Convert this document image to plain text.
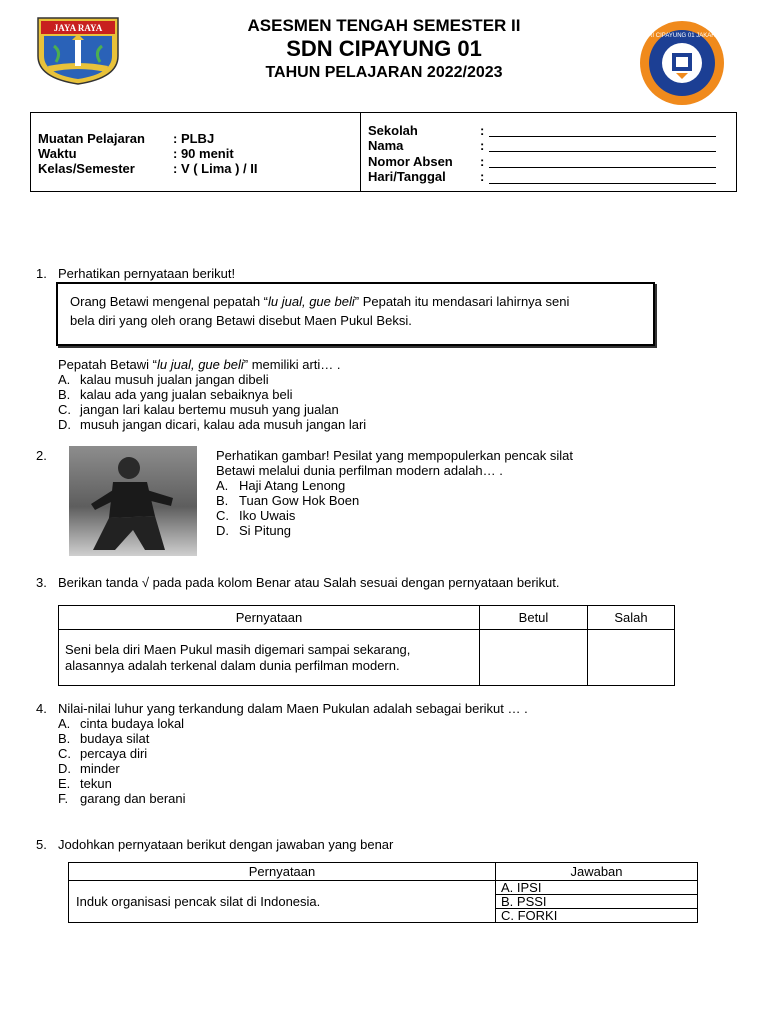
JAYA RAYA
SD NEGERI CIPAYUNG 01 JAKARTA TIMUR
ASESMEN TENGAH SEMESTER II
SDN CIPAYUNG 01
TAHUN PELAJARAN 2022/2023
Muatan Pelajaran : PLBJ
Waktu	: 90 menit
Kelas/Semester	: V ( Lima ) / II
Sekolah	:
Nama	:
Nomor Absen :
Hari/Tanggal	:
1. Perhatikan pernyataan berikut!
Orang Betawi mengenal pepatah “lu jual, gue beli” Pepatah itu mendasari lahirnya seni
bela diri yang oleh orang Betawi disebut Maen Pukul Beksi.
Pepatah Betawi “lu jual, gue beli” memiliki arti… .
A. kalau musuh jualan jangan dibeli
B. kalau ada yang jualan sebaiknya beli
C. jangan lari kalau bertemu musuh yang jualan
D. musuh jangan dicari, kalau ada musuh jangan lari
2.	Perhatikan gambar! Pesilat yang mempopulerkan pencak silat
Betawi melalui dunia perfilman modern adalah… .
A. Haji Atang Lenong
B. Tuan Gow Hok Boen
C. Iko Uwais
D. Si Pitung
3. Berikan tanda √ pada pada kolom Benar atau Salah sesuai dengan pernyataan berikut.
Pernyataan	Betul	Salah

Seni bela diri Maen Pukul masih digemari sampai sekarang,
alasannya adalah terkenal dalam dunia perfilman modern.		

4. Nilai-nilai luhur yang terkandung dalam Maen Pukulan adalah sebagai berikut … .
A. cinta budaya lokal
B. budaya silat
C. percaya diri
D. minder
E. tekun
F. garang dan berani
5. Jodohkan pernyataan berikut dengan jawaban yang benar
Pernyataan	Jawaban
Induk organisasi pencak silat di Indonesia.	A. IPSI
	B. PSSI
	C. FORKI
